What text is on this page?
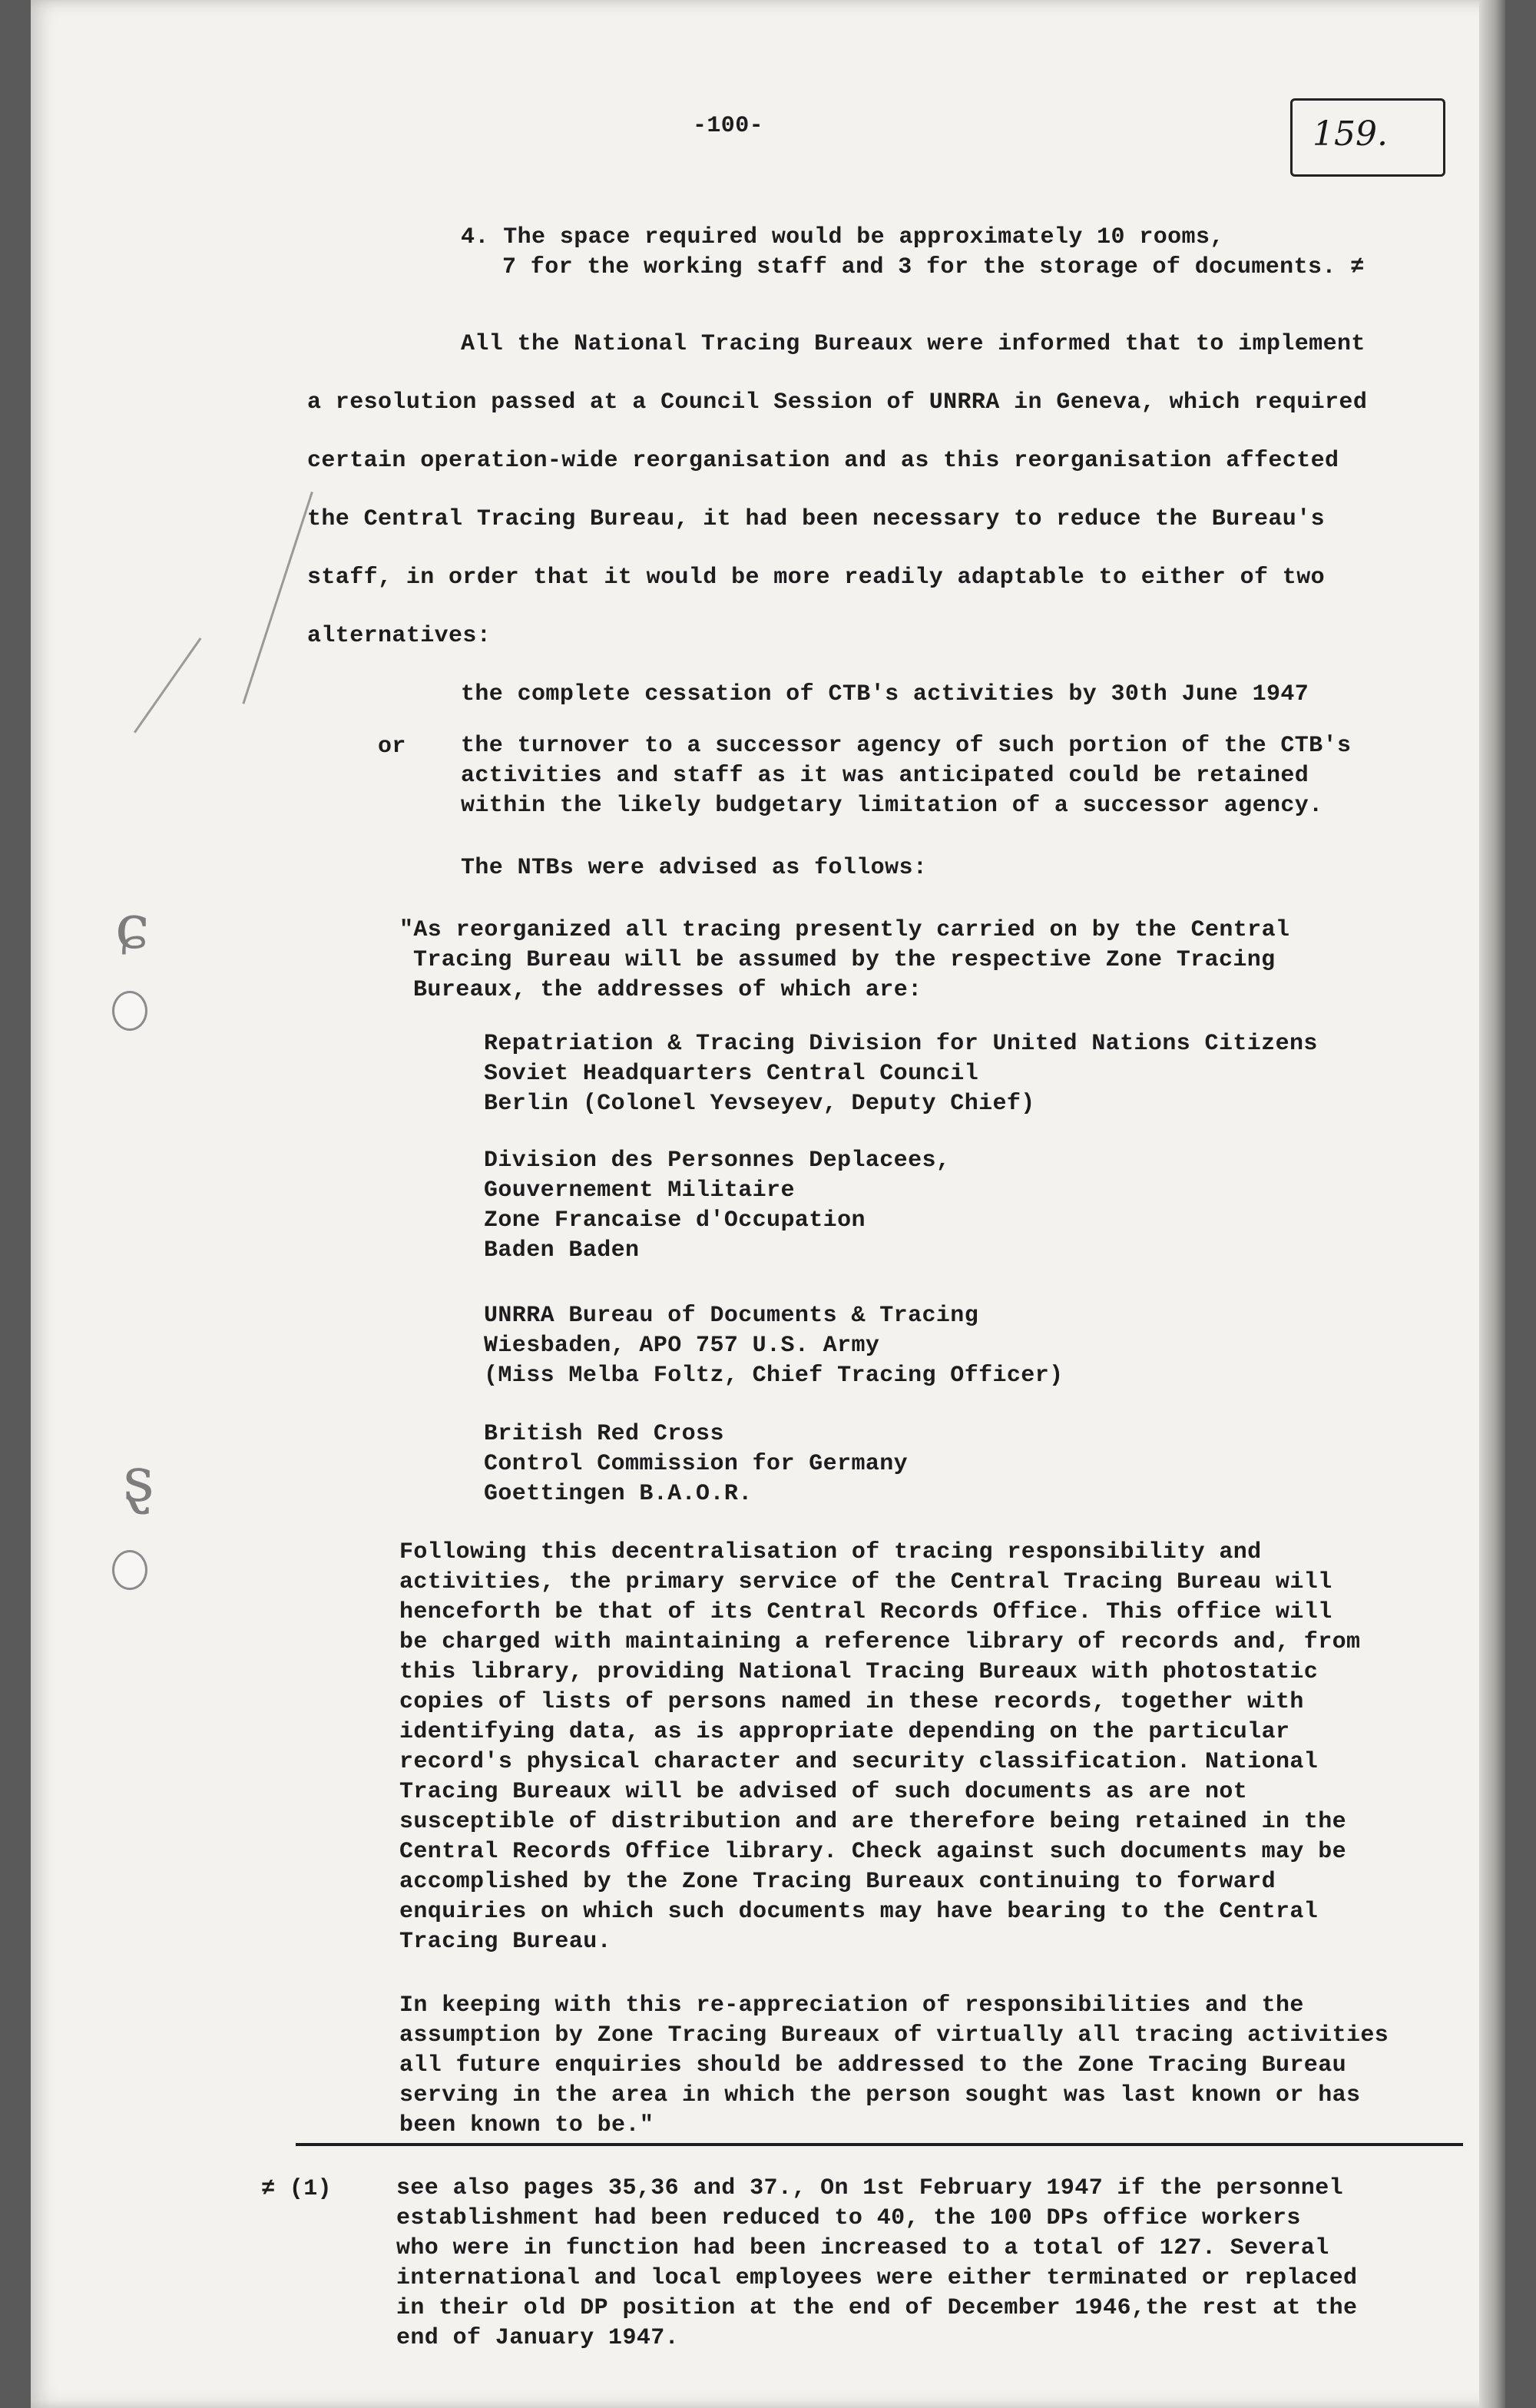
ɕ
ȿ
159.

-100-

4. The space required would be approximately 10 rooms,
7 for the working staff and 3 for the storage of documents. ≠
All the National Tracing Bureaux were informed that to implement
a resolution passed at a Council Session of UNRRA in Geneva, which required
certain operation-wide reorganisation and as this reorganisation affected
the Central Tracing Bureau, it had been necessary to reduce the Bureau's
staff, in order that it would be more readily adaptable to either of two
alternatives:

the complete cessation of CTB's activities by 30th June 1947

or the turnover to a successor agency of such portion of the CTB's
activities and staff as it was anticipated could be retained
within the likely budgetary limitation of a successor agency.

The NTBs were advised as follows:

"As reorganized all tracing presently carried on by the Central
Tracing Bureau will be assumed by the respective Zone Tracing
Bureaux, the addresses of which are:
Repatriation & Tracing Division for United Nations Citizens
Soviet Headquarters Central Council
Berlin (Colonel Yevseyev, Deputy Chief)
Division des Personnes Deplacees,
Gouvernement Militaire
Zone Francaise d'Occupation
Baden Baden
UNRRA Bureau of Documents & Tracing
Wiesbaden, APO 757 U.S. Army
(Miss Melba Foltz, Chief Tracing Officer)
British Red Cross
Control Commission for Germany
Goettingen B.A.O.R.
Following this decentralisation of tracing responsibility and
activities, the primary service of the Central Tracing Bureau will
henceforth be that of its Central Records Office. This office will
be charged with maintaining a reference library of records and, from
this library, providing National Tracing Bureaux with photostatic
copies of lists of persons named in these records, together with
identifying data, as is appropriate depending on the particular
record's physical character and security classification. National
Tracing Bureaux will be advised of such documents as are not
susceptible of distribution and are therefore being retained in the
Central Records Office library. Check against such documents may be
accomplished by the Zone Tracing Bureaux continuing to forward
enquiries on which such documents may have bearing to the Central
Tracing Bureau.
In keeping with this re-appreciation of responsibilities and the
assumption by Zone Tracing Bureaux of virtually all tracing activities
all future enquiries should be addressed to the Zone Tracing Bureau
serving in the area in which the person sought was last known or has
been known to be."

≠ (1)	see also pages 35,36 and 37., On 1st February 1947 if the personnel
establishment had been reduced to 40, the 100 DPs office workers
who were in function had been increased to a total of 127. Several
international and local employees were either terminated or replaced
in their old DP position at the end of December 1946,the rest at the
end of January 1947.
